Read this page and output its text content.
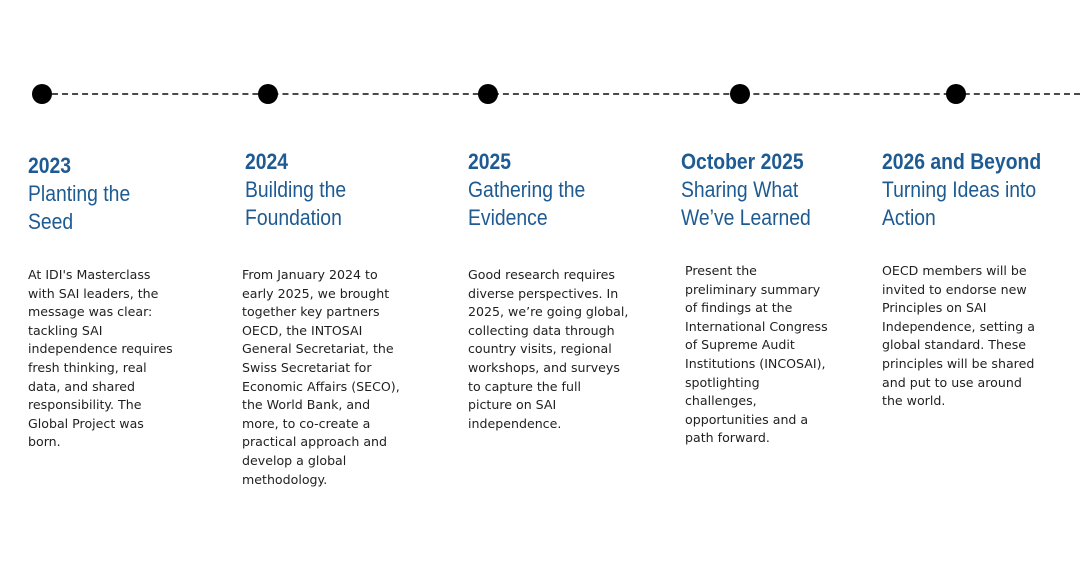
2023
Planting the
Seed
At IDI's Masterclass
with SAI leaders, the
message was clear:
tackling SAI
independence requires
fresh thinking, real
data, and shared
responsibility. The
Global Project was
born.
2024
Building the
Foundation
From January 2024 to
early 2025, we brought
together key partners
OECD, the INTOSAI
General Secretariat, the
Swiss Secretariat for
Economic Affairs (SECO),
the World Bank, and
more, to co-create a
practical approach and
develop a global
methodology.
2025
Gathering the
Evidence
Good research requires
diverse perspectives. In
2025, we’re going global,
collecting data through
country visits, regional
workshops, and surveys
to capture the full
picture on SAI
independence.
October 2025
Sharing What
We’ve Learned
Present the
preliminary summary
of findings at the
International Congress
of Supreme Audit
Institutions (INCOSAI),
spotlighting
challenges,
opportunities and a
path forward.
2026 and Beyond
Turning Ideas into
Action
OECD members will be
invited to endorse new
Principles on SAI
Independence, setting a
global standard. These
principles will be shared
and put to use around
the world.
